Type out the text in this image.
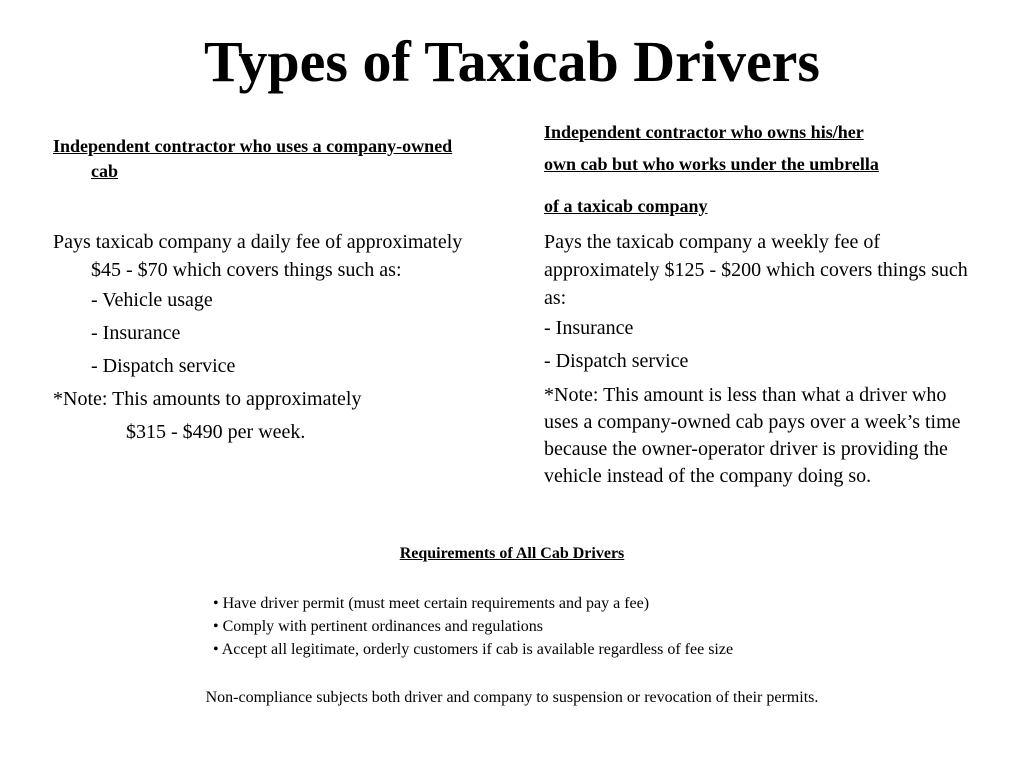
Types of Taxicab Drivers

Independent contractor who uses a company-owned cab

Pays taxicab company a daily fee of approximately $45 - $70 which covers things such as:

- Vehicle usage

- Insurance

- Dispatch service

*Note: This amounts to approximately

$315 - $490 per week.

Independent contractor who owns his/her
own cab but who works under the umbrella
of a taxicab company

Pays the taxicab company a weekly fee of approximately $125 - $200 which covers things such as:

- Insurance

- Dispatch service

*Note: This amount is less than what a driver who uses a company-owned cab pays over a week’s time because the owner-operator driver is providing the vehicle instead of the company doing so.

Requirements of All Cab Drivers
• Have driver permit (must meet certain requirements and pay a fee)
• Comply with pertinent ordinances and regulations
• Accept all legitimate, orderly customers if cab is available regardless of fee size
Non-compliance subjects both driver and company to suspension or revocation of their permits.
